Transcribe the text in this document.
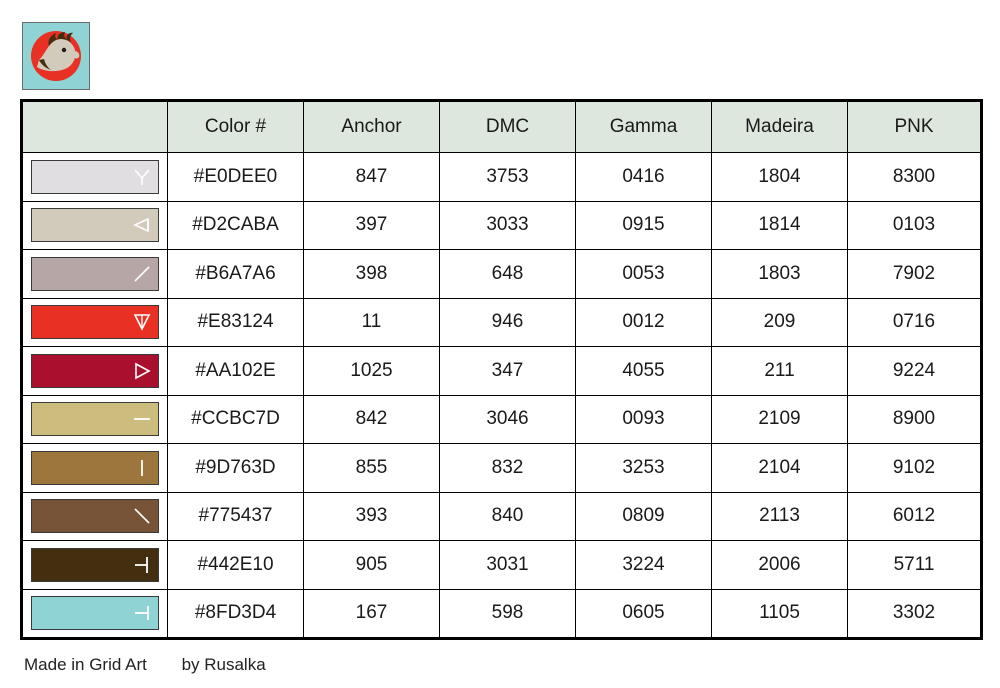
	Color #	Anchor	DMC	Gamma	Madeira	PNK

	#E0DEE0	847	3753	0416	1804	8300

	#D2CABA	397	3033	0915	1814	0103

	#B6A7A6	398	648	0053	1803	7902

	#E83124	11	946	0012	209	0716

	#AA102E	1025	347	4055	211	9224

	#CCBC7D	842	3046	0093	2109	8900

	#9D763D	855	832	3253	2104	9102

	#775437	393	840	0809	2113	6012

	#442E10	905	3031	3224	2006	5711

	#8FD3D4	167	598	0605	1105	3302
Made in Grid Art by Rusalka
